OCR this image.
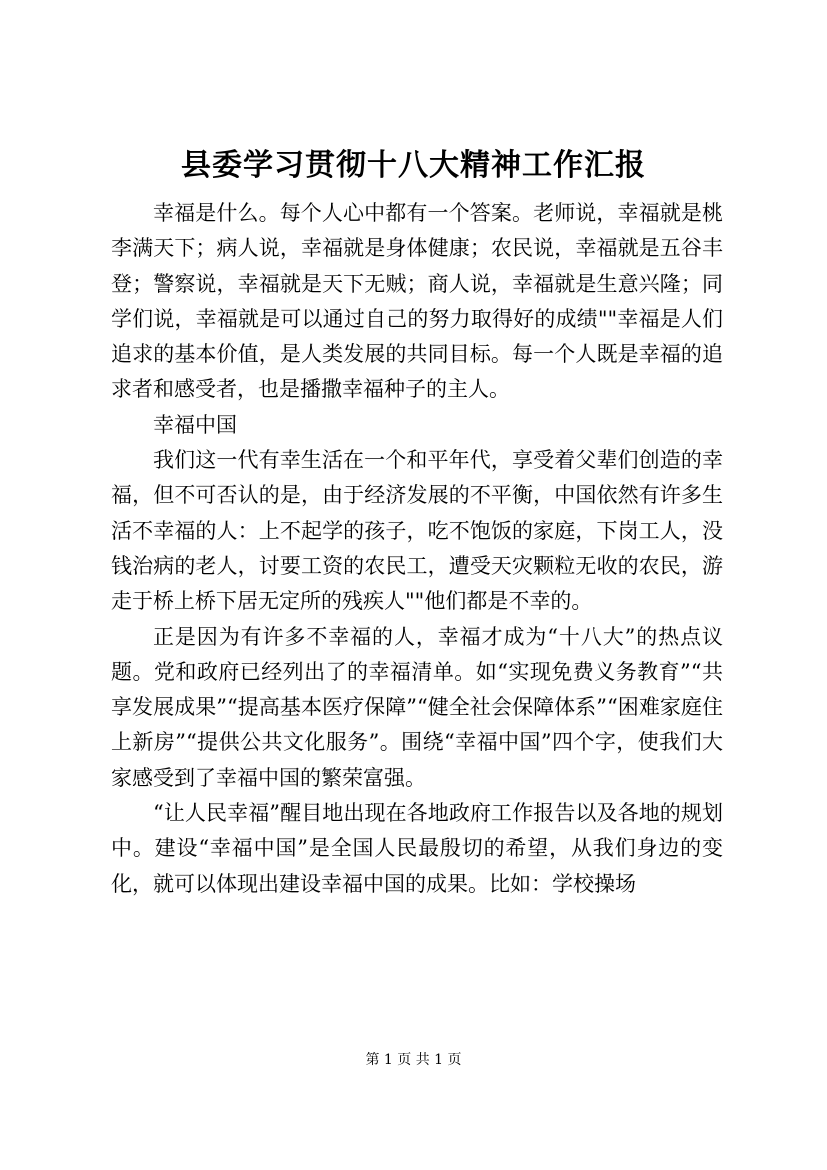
县委学习贯彻十八大精神工作汇报

幸福是什么。每个人心中都有一个答案。老师说，幸福就是桃李满天下；病人说，幸福就是身体健康；农民说，幸福就是五谷丰登；警察说，幸福就是天下无贼；商人说，幸福就是生意兴隆；同学们说，幸福就是可以通过自己的努力取得好的成绩""幸福是人们追求的基本价值，是人类发展的共同目标。每一个人既是幸福的追求者和感受者，也是播撒幸福种子的主人。

幸福中国

我们这一代有幸生活在一个和平年代，享受着父辈们创造的幸福，但不可否认的是，由于经济发展的不平衡，中国依然有许多生活不幸福的人：上不起学的孩子，吃不饱饭的家庭，下岗工人，没钱治病的老人，讨要工资的农民工，遭受天灾颗粒无收的农民，游走于桥上桥下居无定所的残疾人""他们都是不幸的。

正是因为有许多不幸福的人，幸福才成为“十八大”的热点议题。党和政府已经列出了的幸福清单。如“实现免费义务教育”“共享发展成果”“提高基本医疗保障”“健全社会保障体系”“困难家庭住上新房”“提供公共文化服务”。围绕“幸福中国”四个字，使我们大家感受到了幸福中国的繁荣富强。

“让人民幸福”醒目地出现在各地政府工作报告以及各地的规划中。建设“幸福中国”是全国人民最殷切的希望，从我们身边的变化，就可以体现出建设幸福中国的成果。比如：学校操场

第 1 页 共 1 页
